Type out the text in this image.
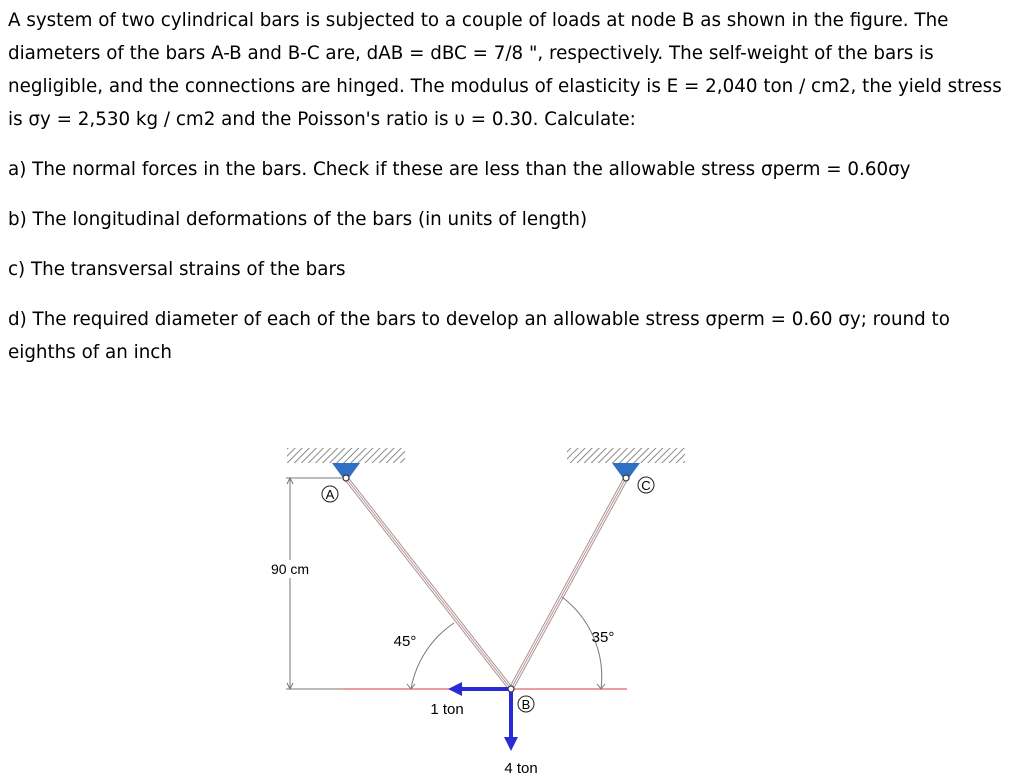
A system of two cylindrical bars is subjected to a couple of loads at node B as shown in the figure. The diameters of the bars A-B and B-C are, dAB = dBC = 7/8 ", respectively. The self-weight of the bars is negligible, and the connections are hinged. The modulus of elasticity is E = 2,040 ton / cm2, the yield stress is σy = 2,530 kg / cm2 and the Poisson's ratio is υ = 0.30. Calculate:

a) The normal forces in the bars. Check if these are less than the allowable stress σperm = 0.60σy

b) The longitudinal deformations of the bars (in units of length)

c) The transversal strains of the bars

d) The required diameter of each of the bars to develop an allowable stress σperm = 0.60 σy; round to eighths of an inch

A
C
B
90 cm
45°	35°
1 ton
4 ton
